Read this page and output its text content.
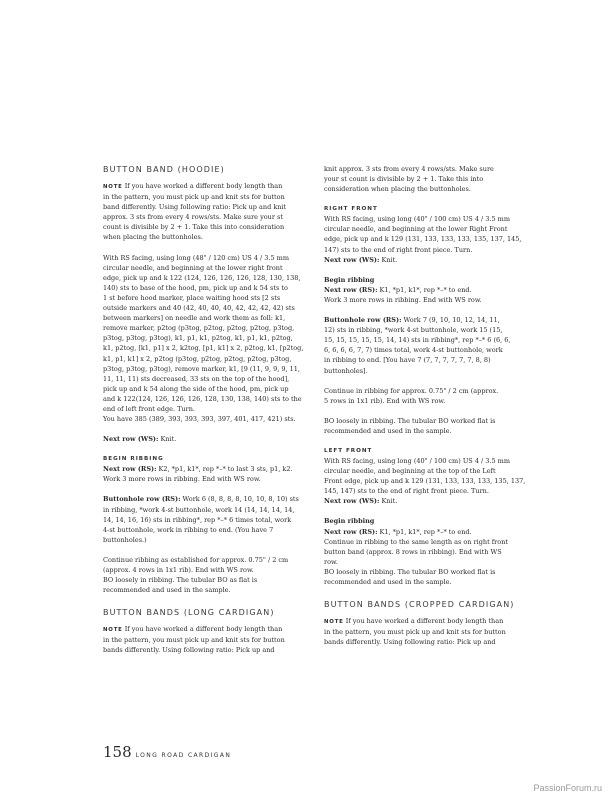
BUTTON BAND (HOODIE)
NOTE If you have worked a different body length than
in the pattern, you must pick up and knit sts for button
band differently. Using following ratio: Pick up and knit
approx. 3 sts from every 4 rows/sts. Make sure your st
count is divisible by 2 + 1. Take this into consideration
when placing the buttonholes.
With RS facing, using long (48" / 120 cm) US 4 / 3.5 mm
circular needle, and beginning at the lower right front
edge, pick up and k 122 (124, 126, 126, 126, 128, 130, 138,
140) sts to base of the hood, pm, pick up and k 54 sts to
1 st before hood marker, place waiting hood sts [2 sts
outside markers and 40 (42, 40, 40, 40, 42, 42, 42, 42) sts
between markers] on needle and work them as foll: k1,
remove marker, p2tog (p3tog, p2tog, p2tog, p2tog, p3tog,
p3tog, p3tog, p3tog), k1, p1, k1, p2tog, k1, p1, k1, p2tog,
k1, p2tog, [k1, p1] x 2, k2tog, [p1, k1] x 2, p2tog, k1, [p2tog,
k1, p1, k1] x 2, p2tog (p3tog, p2tog, p2tog, p2tog, p3tog,
p3tog, p3tog, p3tog), remove marker, k1, [9 (11, 9, 9, 9, 11,
11, 11, 11) sts decreased, 33 sts on the top of the hood],
pick up and k 54 along the side of the hood, pm, pick up
and k 122(124, 126, 126, 126, 128, 130, 138, 140) sts to the
end of left front edge. Turn.
You have 385 (389, 393, 393, 393, 397, 401, 417, 421) sts.
Next row (WS): Knit.
BEGIN RIBBING
Next row (RS): K2, *p1, k1*, rep *–* to last 3 sts, p1, k2.
Work 3 more rows in ribbing. End with WS row.
Buttonhole row (RS): Work 6 (8, 8, 8, 8, 10, 10, 8, 10) sts
in ribbing, *work 4-st buttonhole, work 14 (14, 14, 14, 14,
14, 14, 16, 16) sts in ribbing*, rep *–* 6 times total, work
4-st buttonhole, work in ribbing to end. (You have 7
buttonholes.)
Continue ribbing as established for approx. 0.75" / 2 cm
(approx. 4 rows in 1x1 rib). End with WS row.
BO loosely in ribbing. The tubular BO as flat is
recommended and used in the sample.
BUTTON BANDS (LONG CARDIGAN)
NOTE If you have worked a different body length than
in the pattern, you must pick up and knit sts for button
bands differently. Using following ratio: Pick up and
knit approx. 3 sts from every 4 rows/sts. Make sure
your st count is divisible by 2 + 1. Take this into
consideration when placing the buttonholes.
RIGHT FRONT
With RS facing, using long (40" / 100 cm) US 4 / 3.5 mm
circular needle, and beginning at the lower Right Front
edge, pick up and k 129 (131, 133, 133, 133, 135, 137, 145,
147) sts to the end of right front piece. Turn.
Next row (WS): Knit.
Begin ribbing
Next row (RS): K1, *p1, k1*, rep *–* to end.
Work 3 more rows in ribbing. End with WS row.
Buttonhole row (RS): Work 7 (9, 10, 10, 12, 14, 11,
12) sts in ribbing, *work 4-st buttonhole, work 15 (15,
15, 15, 15, 15, 15, 14, 14) sts in ribbing*, rep *–* 6 (6, 6,
6, 6, 6, 6, 7, 7) times total, work 4-st buttonhole, work
in ribbing to end. [You have 7 (7, 7, 7, 7, 7, 7, 8, 8)
buttonholes].
Continue in ribbing for approx. 0.75" / 2 cm (approx.
5 rows in 1x1 rib). End with WS row.
BO loosely in ribbing. The tubular BO worked flat is
recommended and used in the sample.
LEFT FRONT
With RS facing, using long (40" / 100 cm) US 4 / 3.5 mm
circular needle, and beginning at the top of the Left
Front edge, pick up and k 129 (131, 133, 133, 133, 135, 137,
145, 147) sts to the end of right front piece. Turn.
Next row (WS): Knit.
Begin ribbing
Next row (RS): K1, *p1, k1*, rep *–* to end.
Continue in ribbing to the same length as on right front
button band (approx. 8 rows in ribbing). End with WS
row.
BO loosely in ribbing. The tubular BO worked flat is
recommended and used in the sample.
BUTTON BANDS (CROPPED CARDIGAN)
NOTE If you have worked a different body length than
in the pattern, you must pick up and knit sts for button
bands differently. Using following ratio: Pick up and
158 LONG ROAD CARDIGAN
PassionForum.ru
